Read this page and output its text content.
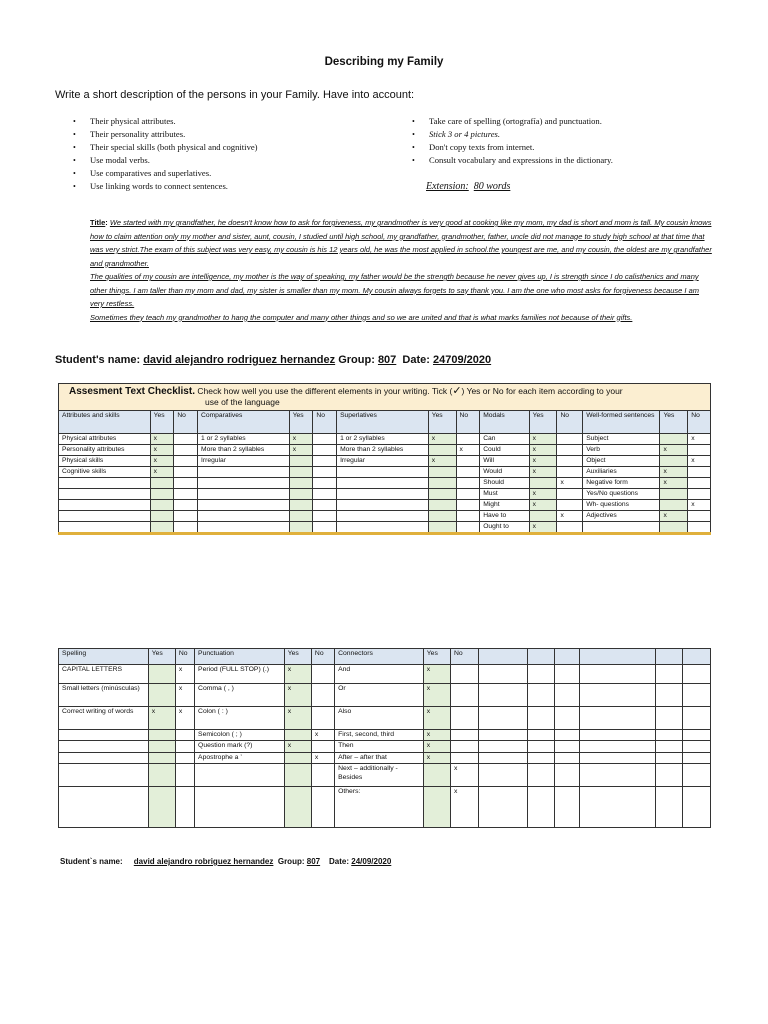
Describing my Family
Write a short description of the persons in your Family. Have into account:
• Their physical attributes.
• Their personality attributes.
• Their special skills (both physical and cognitive)
• Use modal verbs.
• Use comparatives and superlatives.
• Use linking words to connect sentences.
• Take care of spelling (ortografía) and punctuation.
• Stick 3 or 4 pictures.
• Don't copy texts from internet.
• Consult vocabulary and expressions in the dictionary.
Extension: 80 words

Title: We started with my grandfather, he doesn't know how to ask for forgiveness, my grandmother is very good at cooking like my mom, my dad is short and mom is tall. My cousin knows how to claim attention only my mother and sister, aunt, cousin, I studied until high school, my grandfather, grandmother, father, uncle did not manage to study high school at that time that was very strict.The exam of this subject was very easy, my cousin is his 12 years old, he was the most applied in school.the youngest are me, and my cousin, the oldest are my grandfather and grandmother.

The qualities of my cousin are intelligence, my mother is the way of speaking, my father would be the strength because he never gives up, I is strength since I do calisthenics and many other things. I am taller than my mom and dad, my sister is smaller than my mom. My cousin always forgets to say thank you. I am the one who most asks for forgiveness because I am very restless.

Sometimes they teach my grandmother to hang the computer and many other things and so we are united and that is what marks families not because of their gifts.

Student's name: david alejandro rodriguez hernandez Group: 807 Date: 24709/2020
Assesment Text Checklist. Check how well you use the different elements in your writing. Tick (✓) Yes or No for each item according to your
use of the language														
Attributes and skills	Yes	No	Comparatives	Yes	No	Superlatives	Yes	No	Modals	Yes	No	Well-formed sentences	Yes	No
Physical attributes	x		1 or 2 syllables	x		1 or 2 syllables	x		Can	x		Subject		x
Personality attributes	x		More than 2 syllables	x		More than 2 syllables		x	Could	x		Verb	x	
Physical skills	x		Irregular			Irregular	x		Will	x		Object		x
Cognitive skills	x								Would	x		Auxiliaries	x	
									Should		x	Negative form	x	
									Must	x		Yes/No questions		
									Might	x		Wh- questions		x
									Have to		x	Adjectives	x	
									Ought to	x				
Spelling	Yes	No	Punctuation	Yes	No	Connectors	Yes	No						
CAPITAL LETTERS		x	Period (FULL STOP) (.)	x		And	x							
Small letters (minúsculas)		x	Comma ( , )	x		Or	x							
Correct writing of words	x	x	Colon ( : )	x		Also	x							
			Semicolon ( ; )		x	First, second, third	x							
			Question mark (?)	x		Then	x							
			Apostrophe a ’		x	After – after that	x							
						Next – additionally - Besides		x						
						Others:		x						
Student`s name: david alejandro robriguez hernandez Group: 807 Date: 24/09/2020
